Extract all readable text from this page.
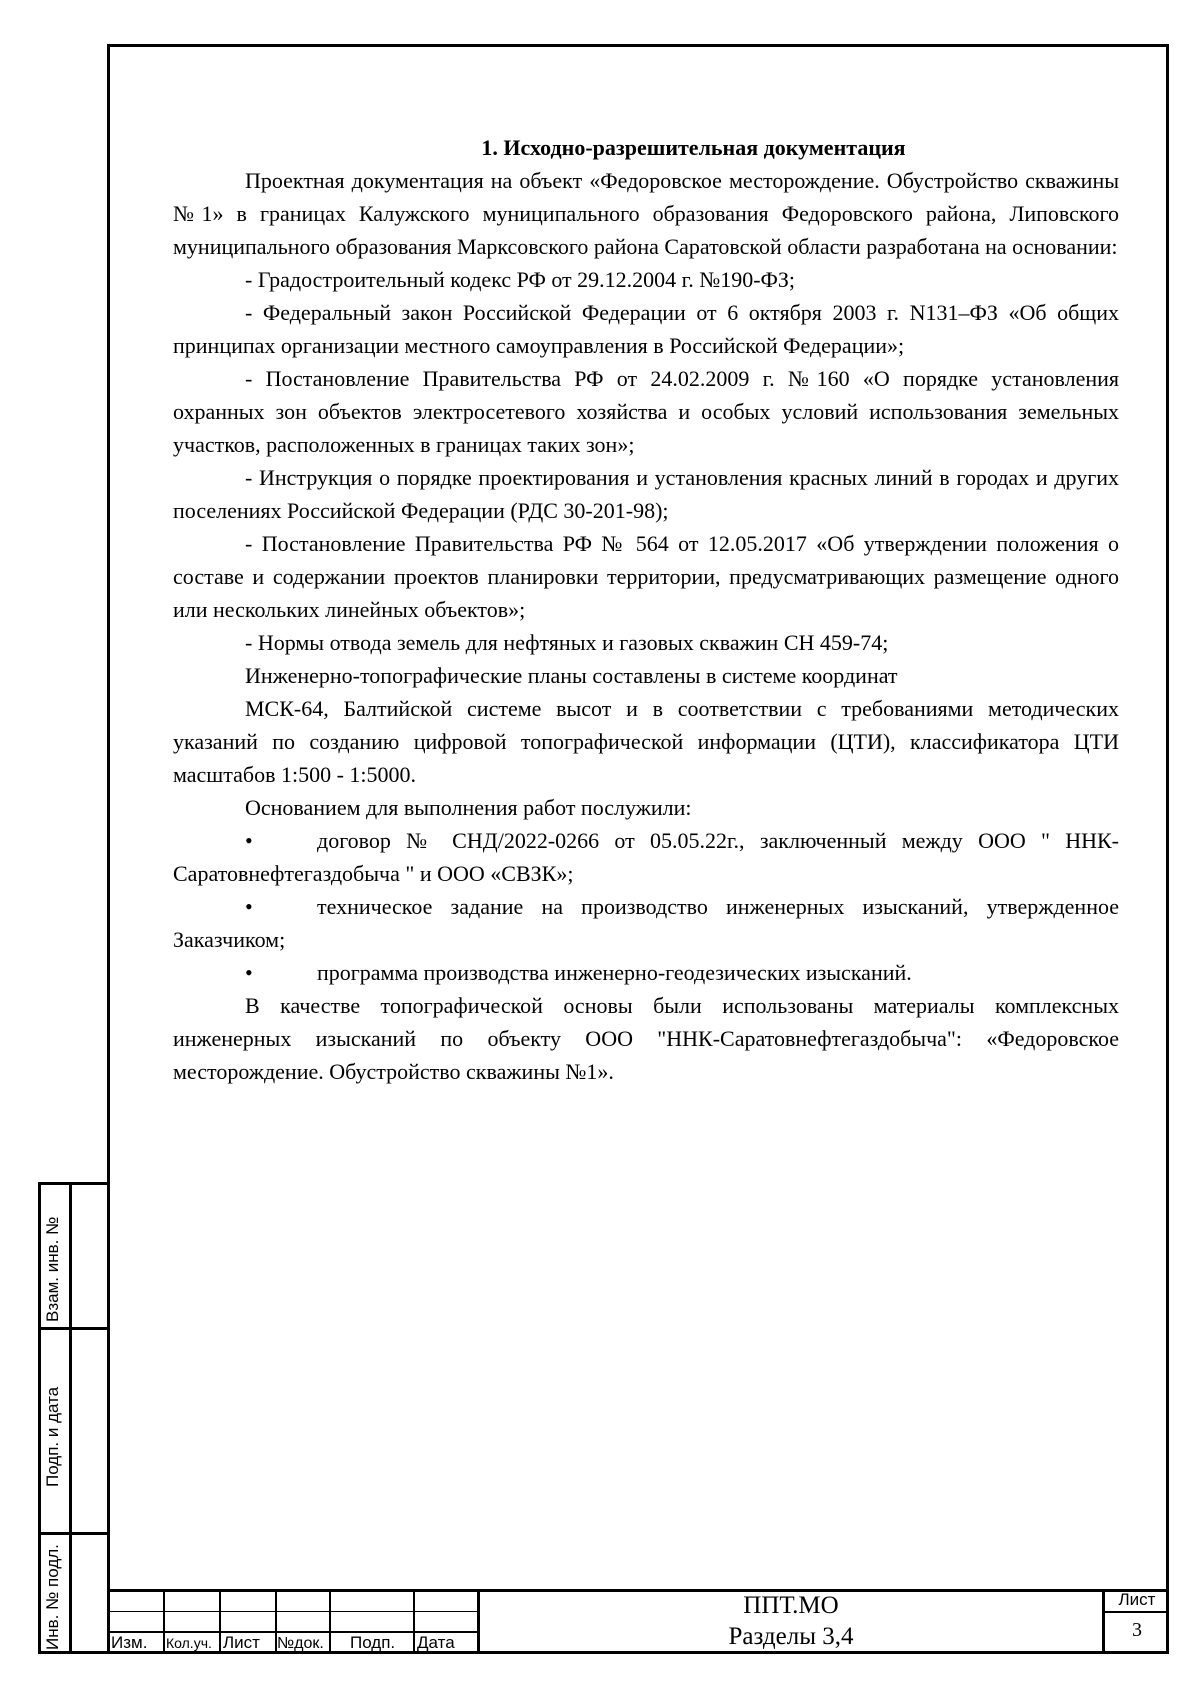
1. Исходно-разрешительная документация

Проектная документация на объект «Федоровское месторождение. Обустройство скважины №1» в границах Калужского муниципального образования Федоровского района, Липовского муниципального образования Марксовского района Саратовской области разработана на основании:

- Градостроительный кодекс РФ от 29.12.2004 г. №190-ФЗ;

- Федеральный закон Российской Федерации от 6 октября 2003 г. N131–ФЗ «Об общих принципах организации местного самоуправления в Российской Федерации»;

- Постановление Правительства РФ от 24.02.2009 г. №160 «О порядке установления охранных зон объектов электросетевого хозяйства и особых условий использования земельных участков, расположенных в границах таких зон»;

- Инструкция о порядке проектирования и установления красных линий в городах и других поселениях Российской Федерации (РДС 30-201-98);

- Постановление Правительства РФ № 564 от 12.05.2017 «Об утверждении положения о составе и содержании проектов планировки территории, предусматривающих размещение одного или нескольких линейных объектов»;

- Нормы отвода земель для нефтяных и газовых скважин СН 459-74;

Инженерно-топографические планы составлены в системе координат

МСК-64, Балтийской системе высот и в соответствии с требованиями методических указаний по созданию цифровой топографической информации (ЦТИ), классификатора ЦТИ масштабов 1:500 - 1:5000.

Основанием для выполнения работ послужили:

•	договор № СНД/2022-0266 от 05.05.22г., заключенный между ООО " ННК-Саратовнефтегаздобыча " и ООО «СВЗК»;

•	техническое задание на производство инженерных изысканий, утвержденное Заказчиком;

•	программа производства инженерно-геодезических изысканий.

В качестве топографической основы были использованы материалы комплексных инженерных изысканий по объекту ООО "ННК-Саратовнефтегаздобыча": «Федоровское месторождение. Обустройство скважины №1».

Взам. инв. №
Подп. и дата
Инв. № подл.	Изм. Кол.уч. Лист №док. Подп. Дата
ППТ.МО
Разделы 3,4
Лист
3
